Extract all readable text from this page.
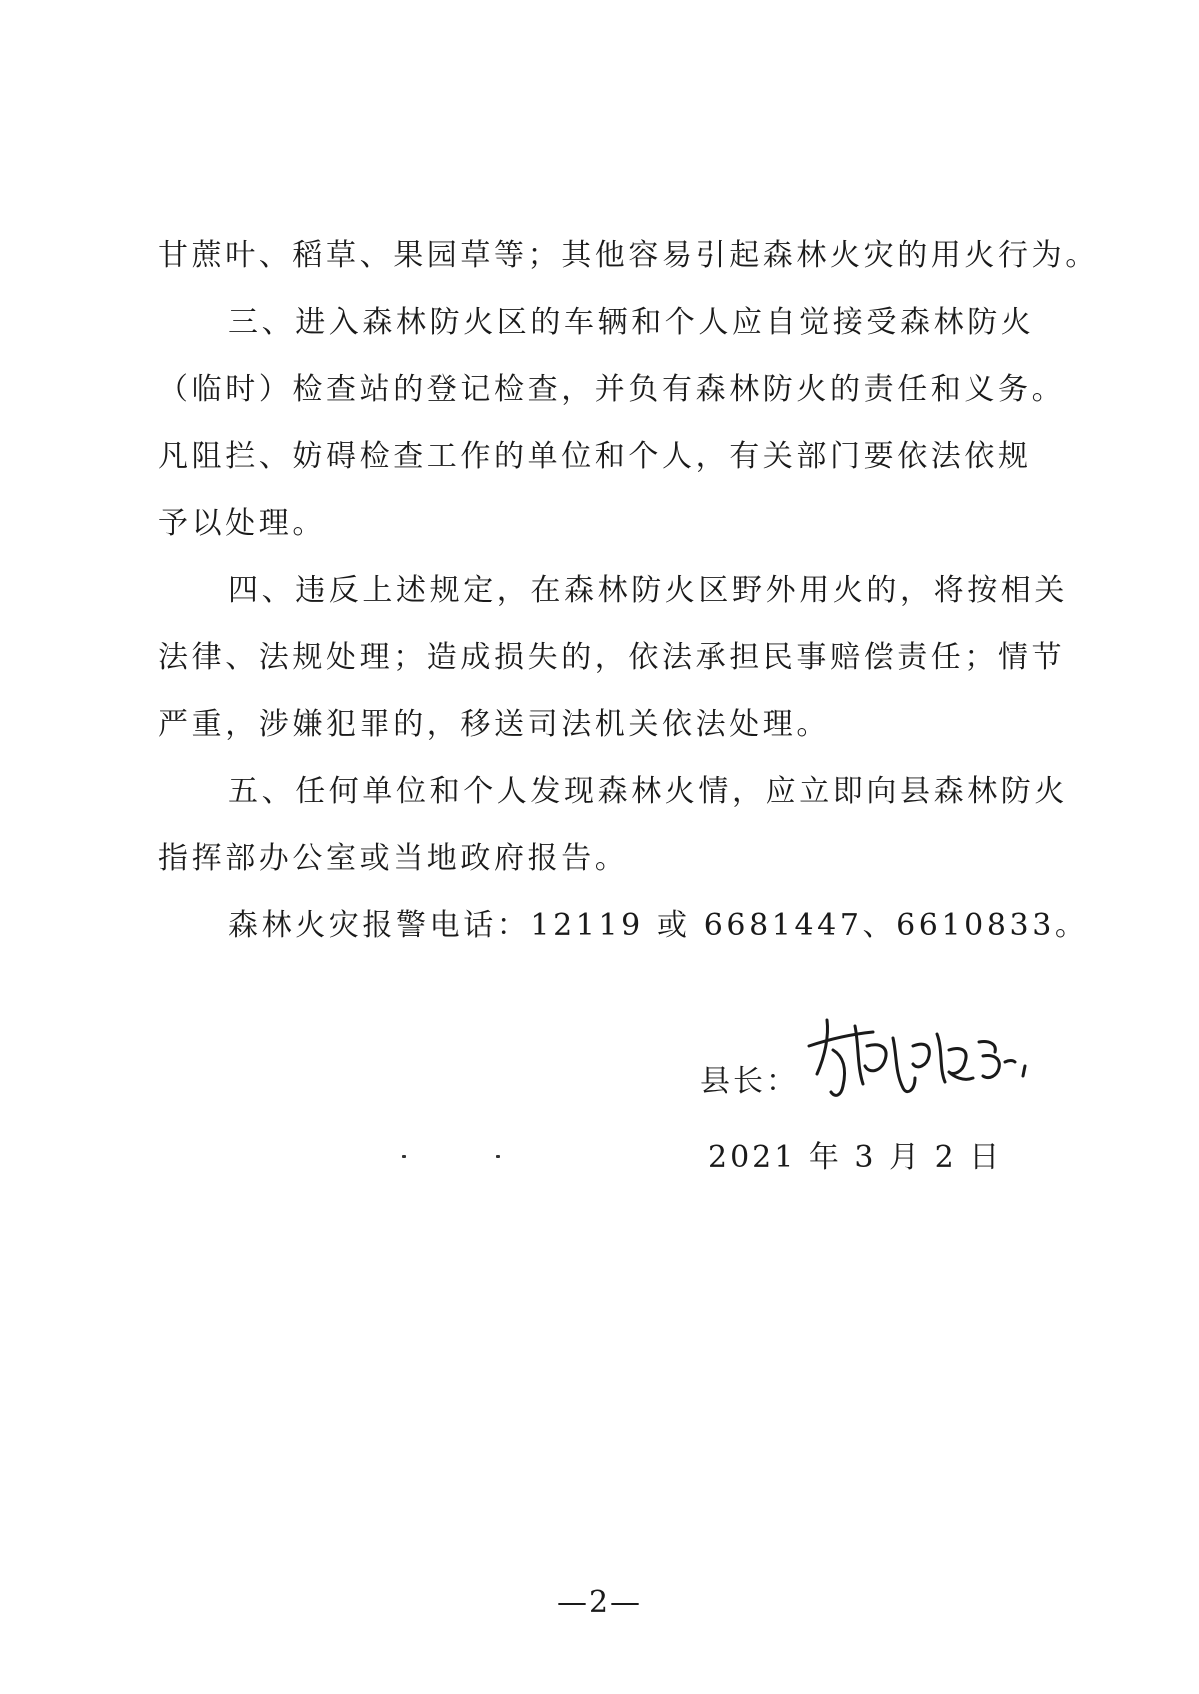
甘蔗叶、稻草、果园草等；其他容易引起森林火灾的用火行为。
三、进入森林防火区的车辆和个人应自觉接受森林防火
（临时）检查站的登记检查，并负有森林防火的责任和义务。
凡阻拦、妨碍检查工作的单位和个人，有关部门要依法依规
予以处理。
四、违反上述规定，在森林防火区野外用火的，将按相关
法律、法规处理；造成损失的，依法承担民事赔偿责任；情节
严重，涉嫌犯罪的，移送司法机关依法处理。
五、任何单位和个人发现森林火情，应立即向县森林防火
指挥部办公室或当地政府报告。
森林火灾报警电话：12119 或 6681447、6610833。
县长：
2021 年 3 月 2 日
—2—
